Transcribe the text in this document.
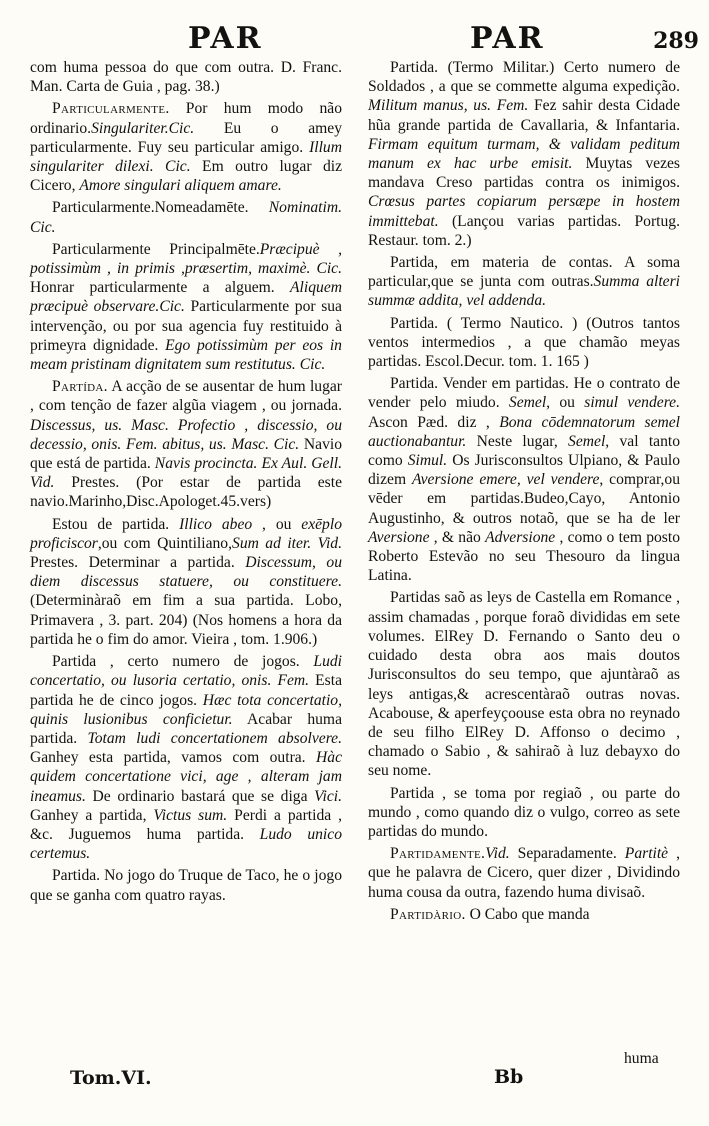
PAR	PAR	289

com huma pessoa do que com outra. D. Franc. Man. Carta de Guia , pag. 38.)

Particularmente. Por hum modo não ordinario.Singulariter.Cic. Eu o amey particularmente. Fuy seu particular amigo. Illum singulariter dilexi. Cic. Em outro lugar diz Cicero, Amore singulari aliquem amare.

Particularmente.Nomeadamēte. Nominatim. Cic.

Particularmente Principalmēte.Præcipuè , potissimùm , in primis ,præsertim, maximè. Cic. Honrar particularmente a alguem. Aliquem præcipuè observare.Cic. Particularmente por sua intervenção, ou por sua agencia fuy restituido à primeyra dignidade. Ego potissimùm per eos in meam pristinam dignitatem sum restitutus. Cic.

Partída. A acção de se ausentar de hum lugar , com tenção de fazer algũa viagem , ou jornada. Discessus, us. Masc. Profectio , discessio, ou decessio, onis. Fem. abitus, us. Masc. Cic. Navio que está de partida. Navis procincta. Ex Aul. Gell. Vid. Prestes. (Por estar de partida este navio.Marinho,Disc.Apologet.45.vers)

Estou de partida. Illico abeo , ou exēplo proficiscor,ou com Quintiliano,Sum ad iter. Vid. Prestes. Determinar a partida. Discessum, ou diem discessus statuere, ou constituere. (Determinàraõ em fim a sua partida. Lobo, Primavera , 3. part. 204) (Nos homens a hora da partida he o fim do amor. Vieira , tom. 1.906.)

Partida , certo numero de jogos. Ludi concertatio, ou lusoria certatio, onis. Fem. Esta partida he de cinco jogos. Hæc tota concertatio, quinis lusionibus conficietur. Acabar huma partida. Totam ludi concertationem absolvere. Ganhey esta partida, vamos com outra. Hàc quidem concertatione vici, age , alteram jam ineamus. De ordinario bastará que se diga Vici. Ganhey a partida, Victus sum. Perdi a partida , &c. Juguemos huma partida. Ludo unico certemus.

Partida. No jogo do Truque de Taco, he o jogo que se ganha com quatro rayas.

Partida. (Termo Militar.) Certo numero de Soldados , a que se commette alguma expedição. Militum manus, us. Fem. Fez sahir desta Cidade hũa grande partida de Cavallaria, & Infantaria. Firmam equitum turmam, & validam peditum manum ex hac urbe emisit. Muytas vezes mandava Creso partidas contra os inimigos. Crœsus partes copiarum persæpe in hostem immittebat. (Lançou varias partidas. Portug. Restaur. tom. 2.)

Partida, em materia de contas. A soma particular,que se junta com outras.Summa alteri summæ addita, vel addenda.

Partida. ( Termo Nautico. ) (Outros tantos ventos intermedios , a que chamão meyas partidas. Escol.Decur. tom. 1. 165 )

Partida. Vender em partidas. He o contrato de vender pelo miudo. Semel, ou simul vendere. Ascon Pæd. diz , Bona cōdemnatorum semel auctionabantur. Neste lugar, Semel, val tanto como Simul. Os Jurisconsultos Ulpiano, & Paulo dizem Aversione emere, vel vendere, comprar,ou vēder em partidas.Budeo,Cayo, Antonio Augustinho, & outros notaõ, que se ha de ler Aversione , & não Adversione , como o tem posto Roberto Estevão no seu Thesouro da lingua Latina.

Partidas saõ as leys de Castella em Romance , assim chamadas , porque foraõ divididas em sete volumes. ElRey D. Fernando o Santo deu o cuidado desta obra aos mais doutos Jurisconsultos do seu tempo, que ajuntàraõ as leys antigas,& acrescentàraõ outras novas. Acabouse, & aperfeyçoouse esta obra no reynado de seu filho ElRey D. Affonso o decimo , chamado o Sabio , & sahiraõ à luz debayxo do seu nome.

Partida , se toma por regiaõ , ou parte do mundo , como quando diz o vulgo, correo as sete partidas do mundo.

Partidamente.Vid. Separadamente. Partitè , que he palavra de Cicero, quer dizer , Dividindo huma cousa da outra, fazendo huma divisaõ.

Partidàrio. O Cabo que manda

huma
Tom.VI.	Bb
